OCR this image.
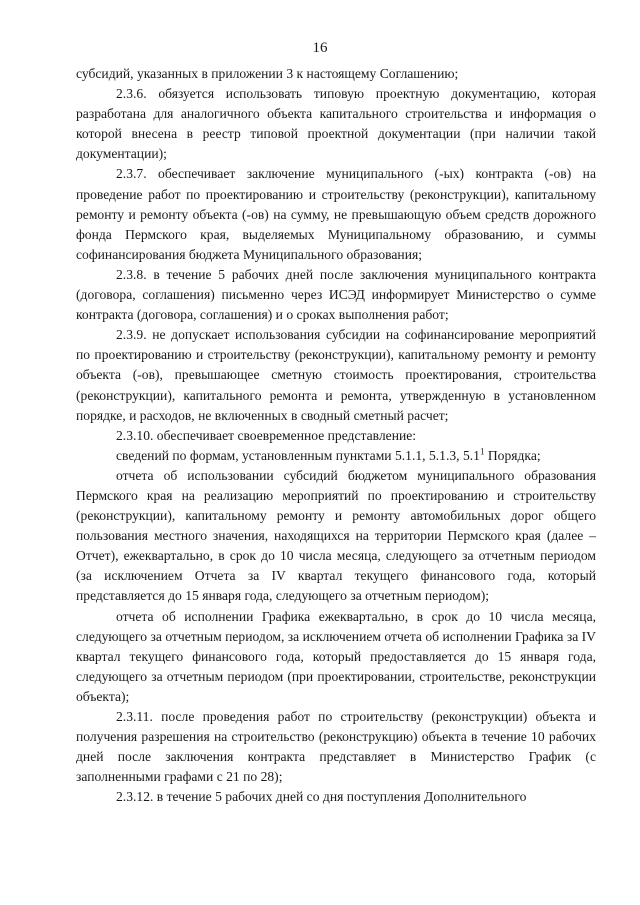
16

субсидий, указанных в приложении 3 к настоящему Соглашению;

2.3.6. обязуется использовать типовую проектную документацию, которая разработана для аналогичного объекта капитального строительства и информация о которой внесена в реестр типовой проектной документации (при наличии такой документации);

2.3.7. обеспечивает заключение муниципального (-ых) контракта (-ов) на проведение работ по проектированию и строительству (реконструкции), капитальному ремонту и ремонту объекта (-ов) на сумму, не превышающую объем средств дорожного фонда Пермского края, выделяемых Муниципальному образованию, и суммы софинансирования бюджета Муниципального образования;

2.3.8. в течение 5 рабочих дней после заключения муниципального контракта (договора, соглашения) письменно через ИСЭД информирует Министерство о сумме контракта (договора, соглашения) и о сроках выполнения работ;

2.3.9. не допускает использования субсидии на софинансирование мероприятий по проектированию и строительству (реконструкции), капитальному ремонту и ремонту объекта (-ов), превышающее сметную стоимость проектирования, строительства (реконструкции), капитального ремонта и ремонта, утвержденную в установленном порядке, и расходов, не включенных в сводный сметный расчет;

2.3.10. обеспечивает своевременное представление:

сведений по формам, установленным пунктами 5.1.1, 5.1.3, $5.1^1$ Порядка;

отчета об использовании субсидий бюджетом муниципального образования Пермского края на реализацию мероприятий по проектированию и строительству (реконструкции), капитальному ремонту и ремонту автомобильных дорог общего пользования местного значения, находящихся на территории Пермского края (далее – Отчет), ежеквартально, в срок до 10 числа месяца, следующего за отчетным периодом (за исключением Отчета за IV квартал текущего финансового года, который представляется до 15 января года, следующего за отчетным периодом);

отчета об исполнении Графика ежеквартально, в срок до 10 числа месяца, следующего за отчетным периодом, за исключением отчета об исполнении Графика за IV квартал текущего финансового года, который предоставляется до 15 января года, следующего за отчетным периодом (при проектировании, строительстве, реконструкции объекта);

2.3.11. после проведения работ по строительству (реконструкции) объекта и получения разрешения на строительство (реконструкцию) объекта в течение 10 рабочих дней после заключения контракта представляет в Министерство График (с заполненными графами с 21 по 28);

2.3.12. в течение 5 рабочих дней со дня поступления Дополнительного
